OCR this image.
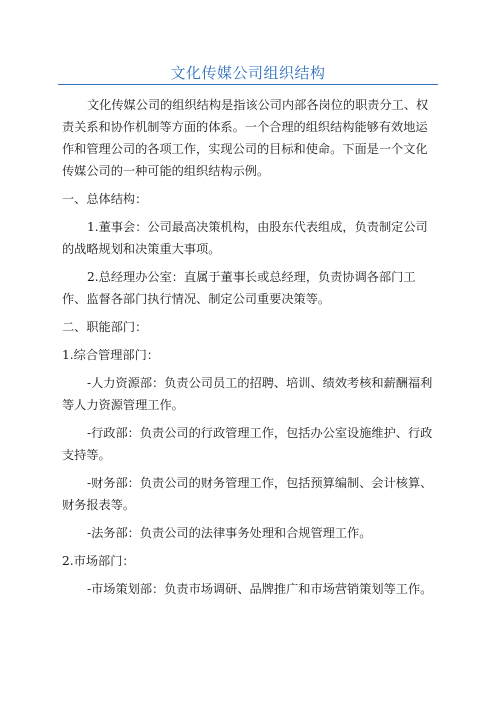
文化传媒公司组织结构

文化传媒公司的组织结构是指该公司内部各岗位的职责分工、权责关系和协作机制等方面的体系。一个合理的组织结构能够有效地运作和管理公司的各项工作，实现公司的目标和使命。下面是一个文化传媒公司的一种可能的组织结构示例。

一、总体结构：

1.董事会：公司最高决策机构，由股东代表组成，负责制定公司的战略规划和决策重大事项。

2.总经理办公室：直属于董事长或总经理，负责协调各部门工作、监督各部门执行情况、制定公司重要决策等。

二、职能部门：

1.综合管理部门：

-人力资源部：负责公司员工的招聘、培训、绩效考核和薪酬福利等人力资源管理工作。

-行政部：负责公司的行政管理工作，包括办公室设施维护、行政支持等。

-财务部：负责公司的财务管理工作，包括预算编制、会计核算、财务报表等。

-法务部：负责公司的法律事务处理和合规管理工作。

2.市场部门：

-市场策划部：负责市场调研、品牌推广和市场营销策划等工作。
